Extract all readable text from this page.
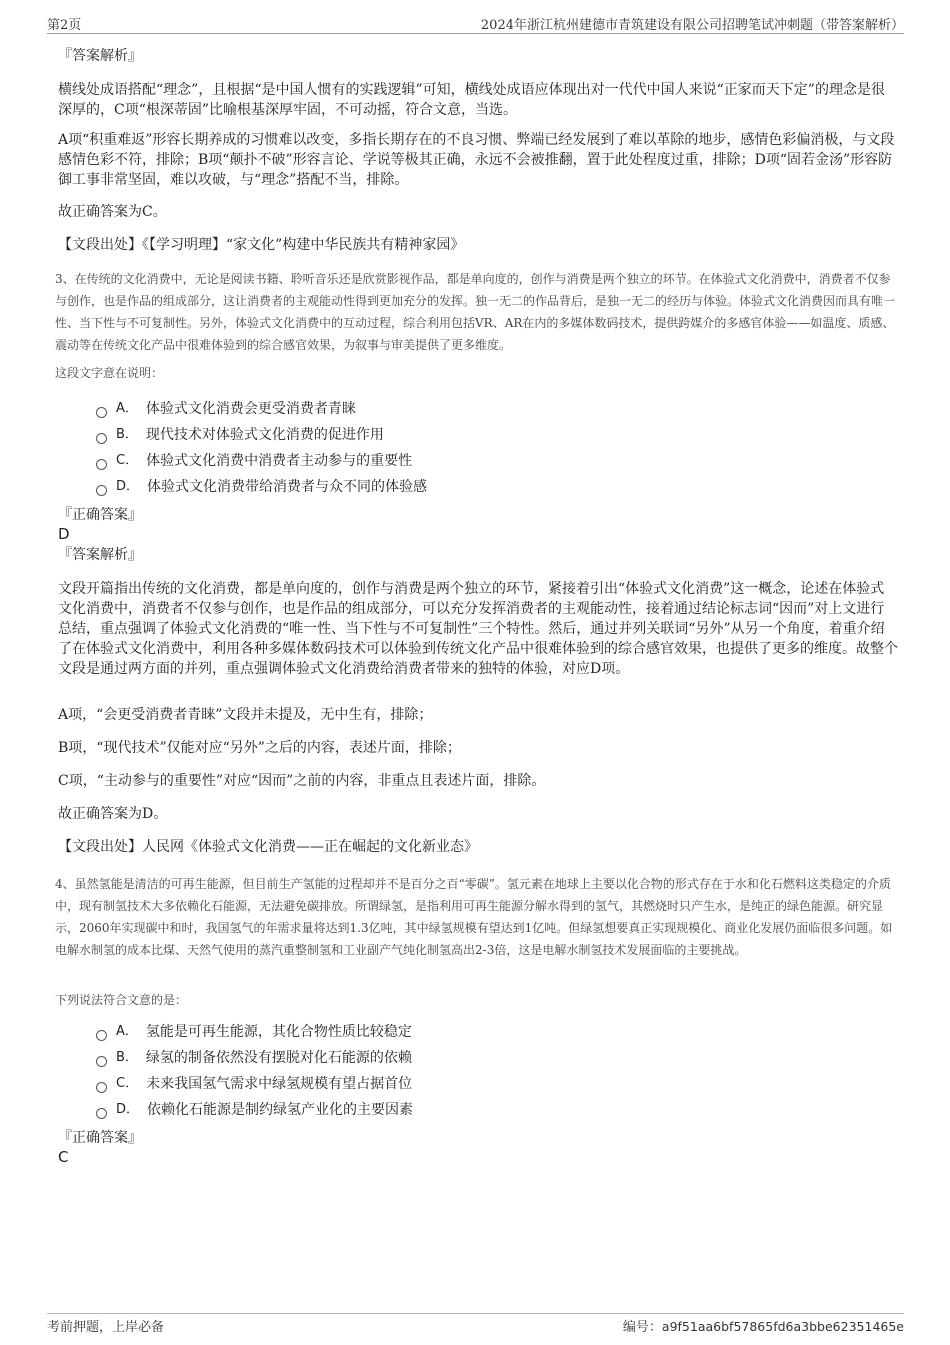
第2页	2024年浙江杭州建德市青筑建设有限公司招聘笔试冲刺题（带答案解析）

『答案解析』

横线处成语搭配“理念”，且根据“是中国人惯有的实践逻辑”可知，横线处成语应体现出对一代代中国人来说“正家而天下定”的理念是很深厚的，C项“根深蒂固”比喻根基深厚牢固，不可动摇，符合文意，当选。

A项“积重难返”形容长期养成的习惯难以改变，多指长期存在的不良习惯、弊端已经发展到了难以革除的地步，感情色彩偏消极，与文段感情色彩不符，排除；B项“颠扑不破”形容言论、学说等极其正确，永远不会被推翻，置于此处程度过重，排除；D项“固若金汤”形容防御工事非常坚固，难以攻破，与“理念”搭配不当，排除。

故正确答案为C。

【文段出处】《【学习明理】“家文化”构建中华民族共有精神家园》

3、在传统的文化消费中，无论是阅读书籍、聆听音乐还是欣赏影视作品，都是单向度的，创作与消费是两个独立的环节。在体验式文化消费中，消费者不仅参与创作，也是作品的组成部分，这让消费者的主观能动性得到更加充分的发挥。独一无二的作品背后，是独一无二的经历与体验。体验式文化消费因而具有唯一性、当下性与不可复制性。另外，体验式文化消费中的互动过程，综合利用包括VR、AR在内的多媒体数码技术，提供跨媒介的多感官体验——如温度、质感、震动等在传统文化产品中很难体验到的综合感官效果，为叙事与审美提供了更多维度。

这段文字意在说明：

A． 体验式文化消费会更受消费者青睐
B． 现代技术对体验式文化消费的促进作用
C． 体验式文化消费中消费者主动参与的重要性
D． 体验式文化消费带给消费者与众不同的体验感

『正确答案』

D

『答案解析』

文段开篇指出传统的文化消费，都是单向度的，创作与消费是两个独立的环节，紧接着引出“体验式文化消费”这一概念，论述在体验式文化消费中，消费者不仅参与创作，也是作品的组成部分，可以充分发挥消费者的主观能动性，接着通过结论标志词“因而”对上文进行总结，重点强调了体验式文化消费的“唯一性、当下性与不可复制性”三个特性。然后，通过并列关联词“另外”从另一个角度，着重介绍了在体验式文化消费中，利用各种多媒体数码技术可以体验到传统文化产品中很难体验到的综合感官效果，也提供了更多的维度。故整个文段是通过两方面的并列，重点强调体验式文化消费给消费者带来的独特的体验，对应D项。

A项，“会更受消费者青睐”文段并未提及，无中生有，排除；

B项，“现代技术”仅能对应“另外”之后的内容，表述片面，排除；

C项，“主动参与的重要性”对应“因而”之前的内容，非重点且表述片面，排除。

故正确答案为D。

【文段出处】人民网《体验式文化消费——正在崛起的文化新业态》

4、虽然氢能是清洁的可再生能源，但目前生产氢能的过程却并不是百分之百“零碳”。氢元素在地球上主要以化合物的形式存在于水和化石燃料这类稳定的介质中，现有制氢技术大多依赖化石能源，无法避免碳排放。所谓绿氢，是指利用可再生能源分解水得到的氢气，其燃烧时只产生水，是纯正的绿色能源。研究显示，2060年实现碳中和时，我国氢气的年需求量将达到1.3亿吨，其中绿氢规模有望达到1亿吨。但绿氢想要真正实现规模化、商业化发展仍面临很多问题。如电解水制氢的成本比煤、天然气使用的蒸汽重整制氢和工业副产气纯化制氢高出2-3倍，这是电解水制氢技术发展面临的主要挑战。

下列说法符合文意的是：

A． 氢能是可再生能源，其化合物性质比较稳定
B． 绿氢的制备依然没有摆脱对化石能源的依赖
C． 未来我国氢气需求中绿氢规模有望占据首位
D． 依赖化石能源是制约绿氢产业化的主要因素

『正确答案』

C

考前押题，上岸必备	编号：a9f51aa6bf57865fd6a3bbe62351465e
